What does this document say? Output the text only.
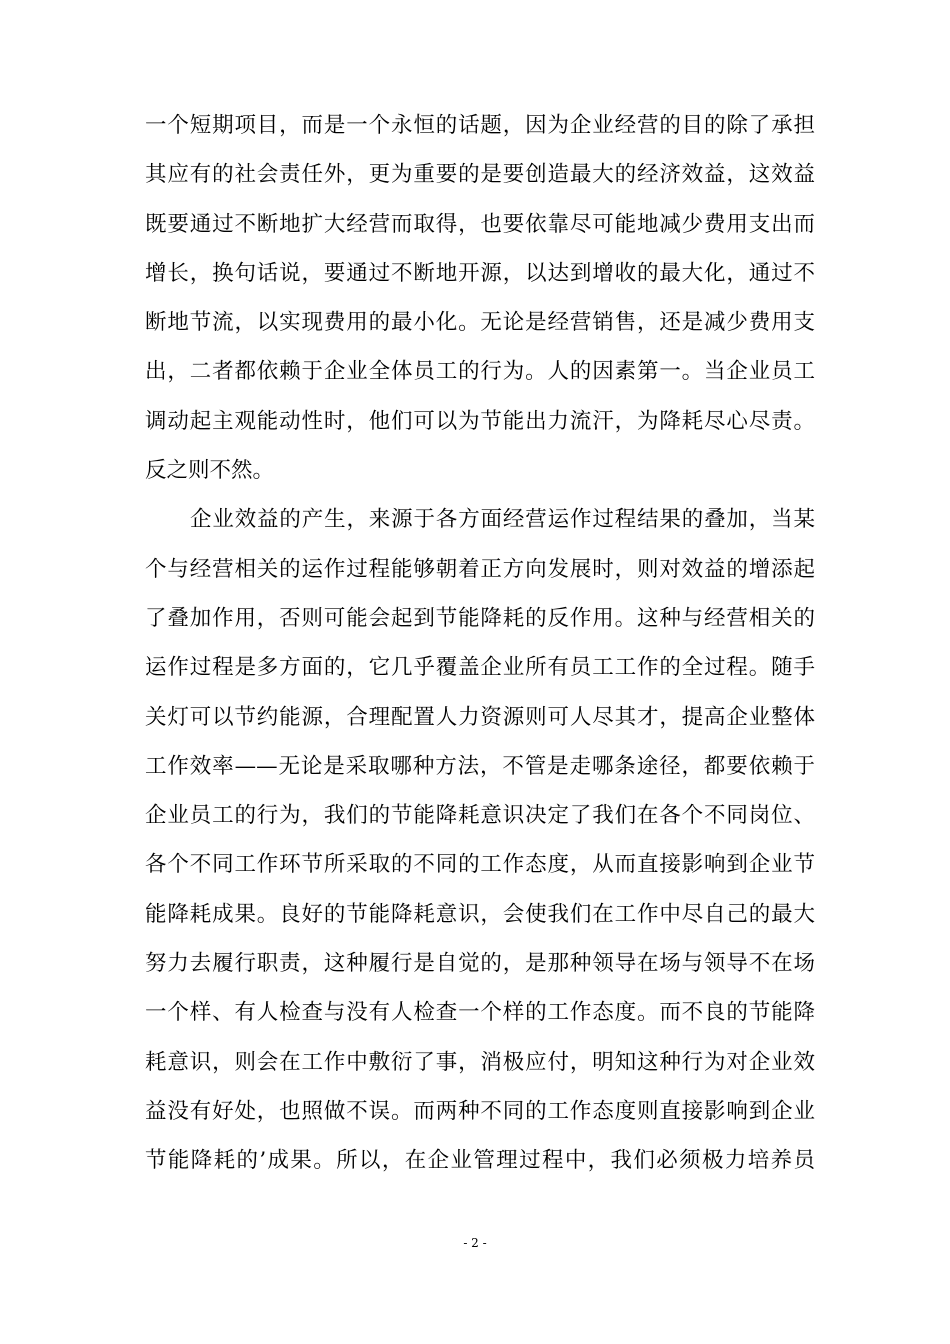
一个短期项目，而是一个永恒的话题，因为企业经营的目的除了承担
其应有的社会责任外，更为重要的是要创造最大的经济效益，这效益
既要通过不断地扩大经营而取得，也要依靠尽可能地减少费用支出而
增长，换句话说，要通过不断地开源，以达到增收的最大化，通过不
断地节流，以实现费用的最小化。无论是经营销售，还是减少费用支
出，二者都依赖于企业全体员工的行为。人的因素第一。当企业员工
调动起主观能动性时，他们可以为节能出力流汗，为降耗尽心尽责。
反之则不然。
企业效益的产生，来源于各方面经营运作过程结果的叠加，当某
个与经营相关的运作过程能够朝着正方向发展时，则对效益的增添起
了叠加作用，否则可能会起到节能降耗的反作用。这种与经营相关的
运作过程是多方面的，它几乎覆盖企业所有员工工作的全过程。随手
关灯可以节约能源，合理配置人力资源则可人尽其才，提高企业整体
工作效率——无论是采取哪种方法，不管是走哪条途径，都要依赖于
企业员工的行为，我们的节能降耗意识决定了我们在各个不同岗位、
各个不同工作环节所采取的不同的工作态度，从而直接影响到企业节
能降耗成果。良好的节能降耗意识，会使我们在工作中尽自己的最大
努力去履行职责，这种履行是自觉的，是那种领导在场与领导不在场
一个样、有人检查与没有人检查一个样的工作态度。而不良的节能降
耗意识，则会在工作中敷衍了事，消极应付，明知这种行为对企业效
益没有好处，也照做不误。而两种不同的工作态度则直接影响到企业
节能降耗的’成果。所以，在企业管理过程中，我们必须极力培养员
- 2 -
